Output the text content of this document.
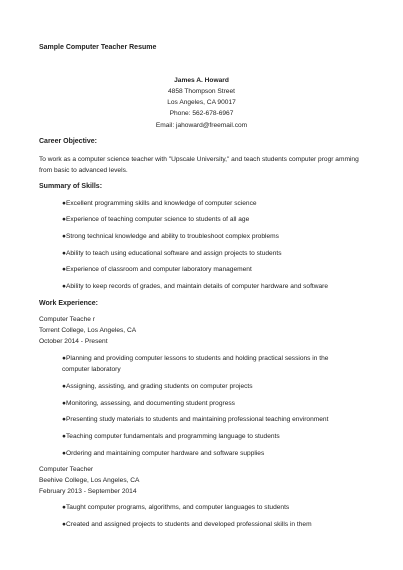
Sample Computer Teacher Resume
James A. Howard
4858 Thompson Street
Los Angeles, CA 90017
Phone: 562-678-6967
Email: jahoward@freemail.com
Career Objective:
To work as a computer science teacher with "Upscale University," and teach students computer progr amming from basic to advanced levels.
Summary of Skills:
●Excellent programming skills and knowledge of computer science
●Experience of teaching computer science to students of all age
●Strong technical knowledge and ability to troubleshoot complex problems
●Ability to teach using educational software and assign projects to students
●Experience of classroom and computer laboratory management
●Ability to keep records of grades, and maintain details of computer hardware and software
Work Experience:
Computer Teache r
Torrent College, Los Angeles, CA
October 2014 - Present
●Planning and providing computer lessons to students and holding practical sessions in the computer laboratory
●Assigning, assisting, and grading students on computer projects
●Monitoring, assessing, and documenting student progress
●Presenting study materials to students and maintaining professional teaching environment
●Teaching computer fundamentals and programming language to students
●Ordering and maintaining computer hardware and software supplies
Computer Teacher
Beehive College, Los Angeles, CA
February 2013 - September 2014
●Taught computer programs, algorithms, and computer languages to students
●Created and assigned projects to students and developed professional skills in them
